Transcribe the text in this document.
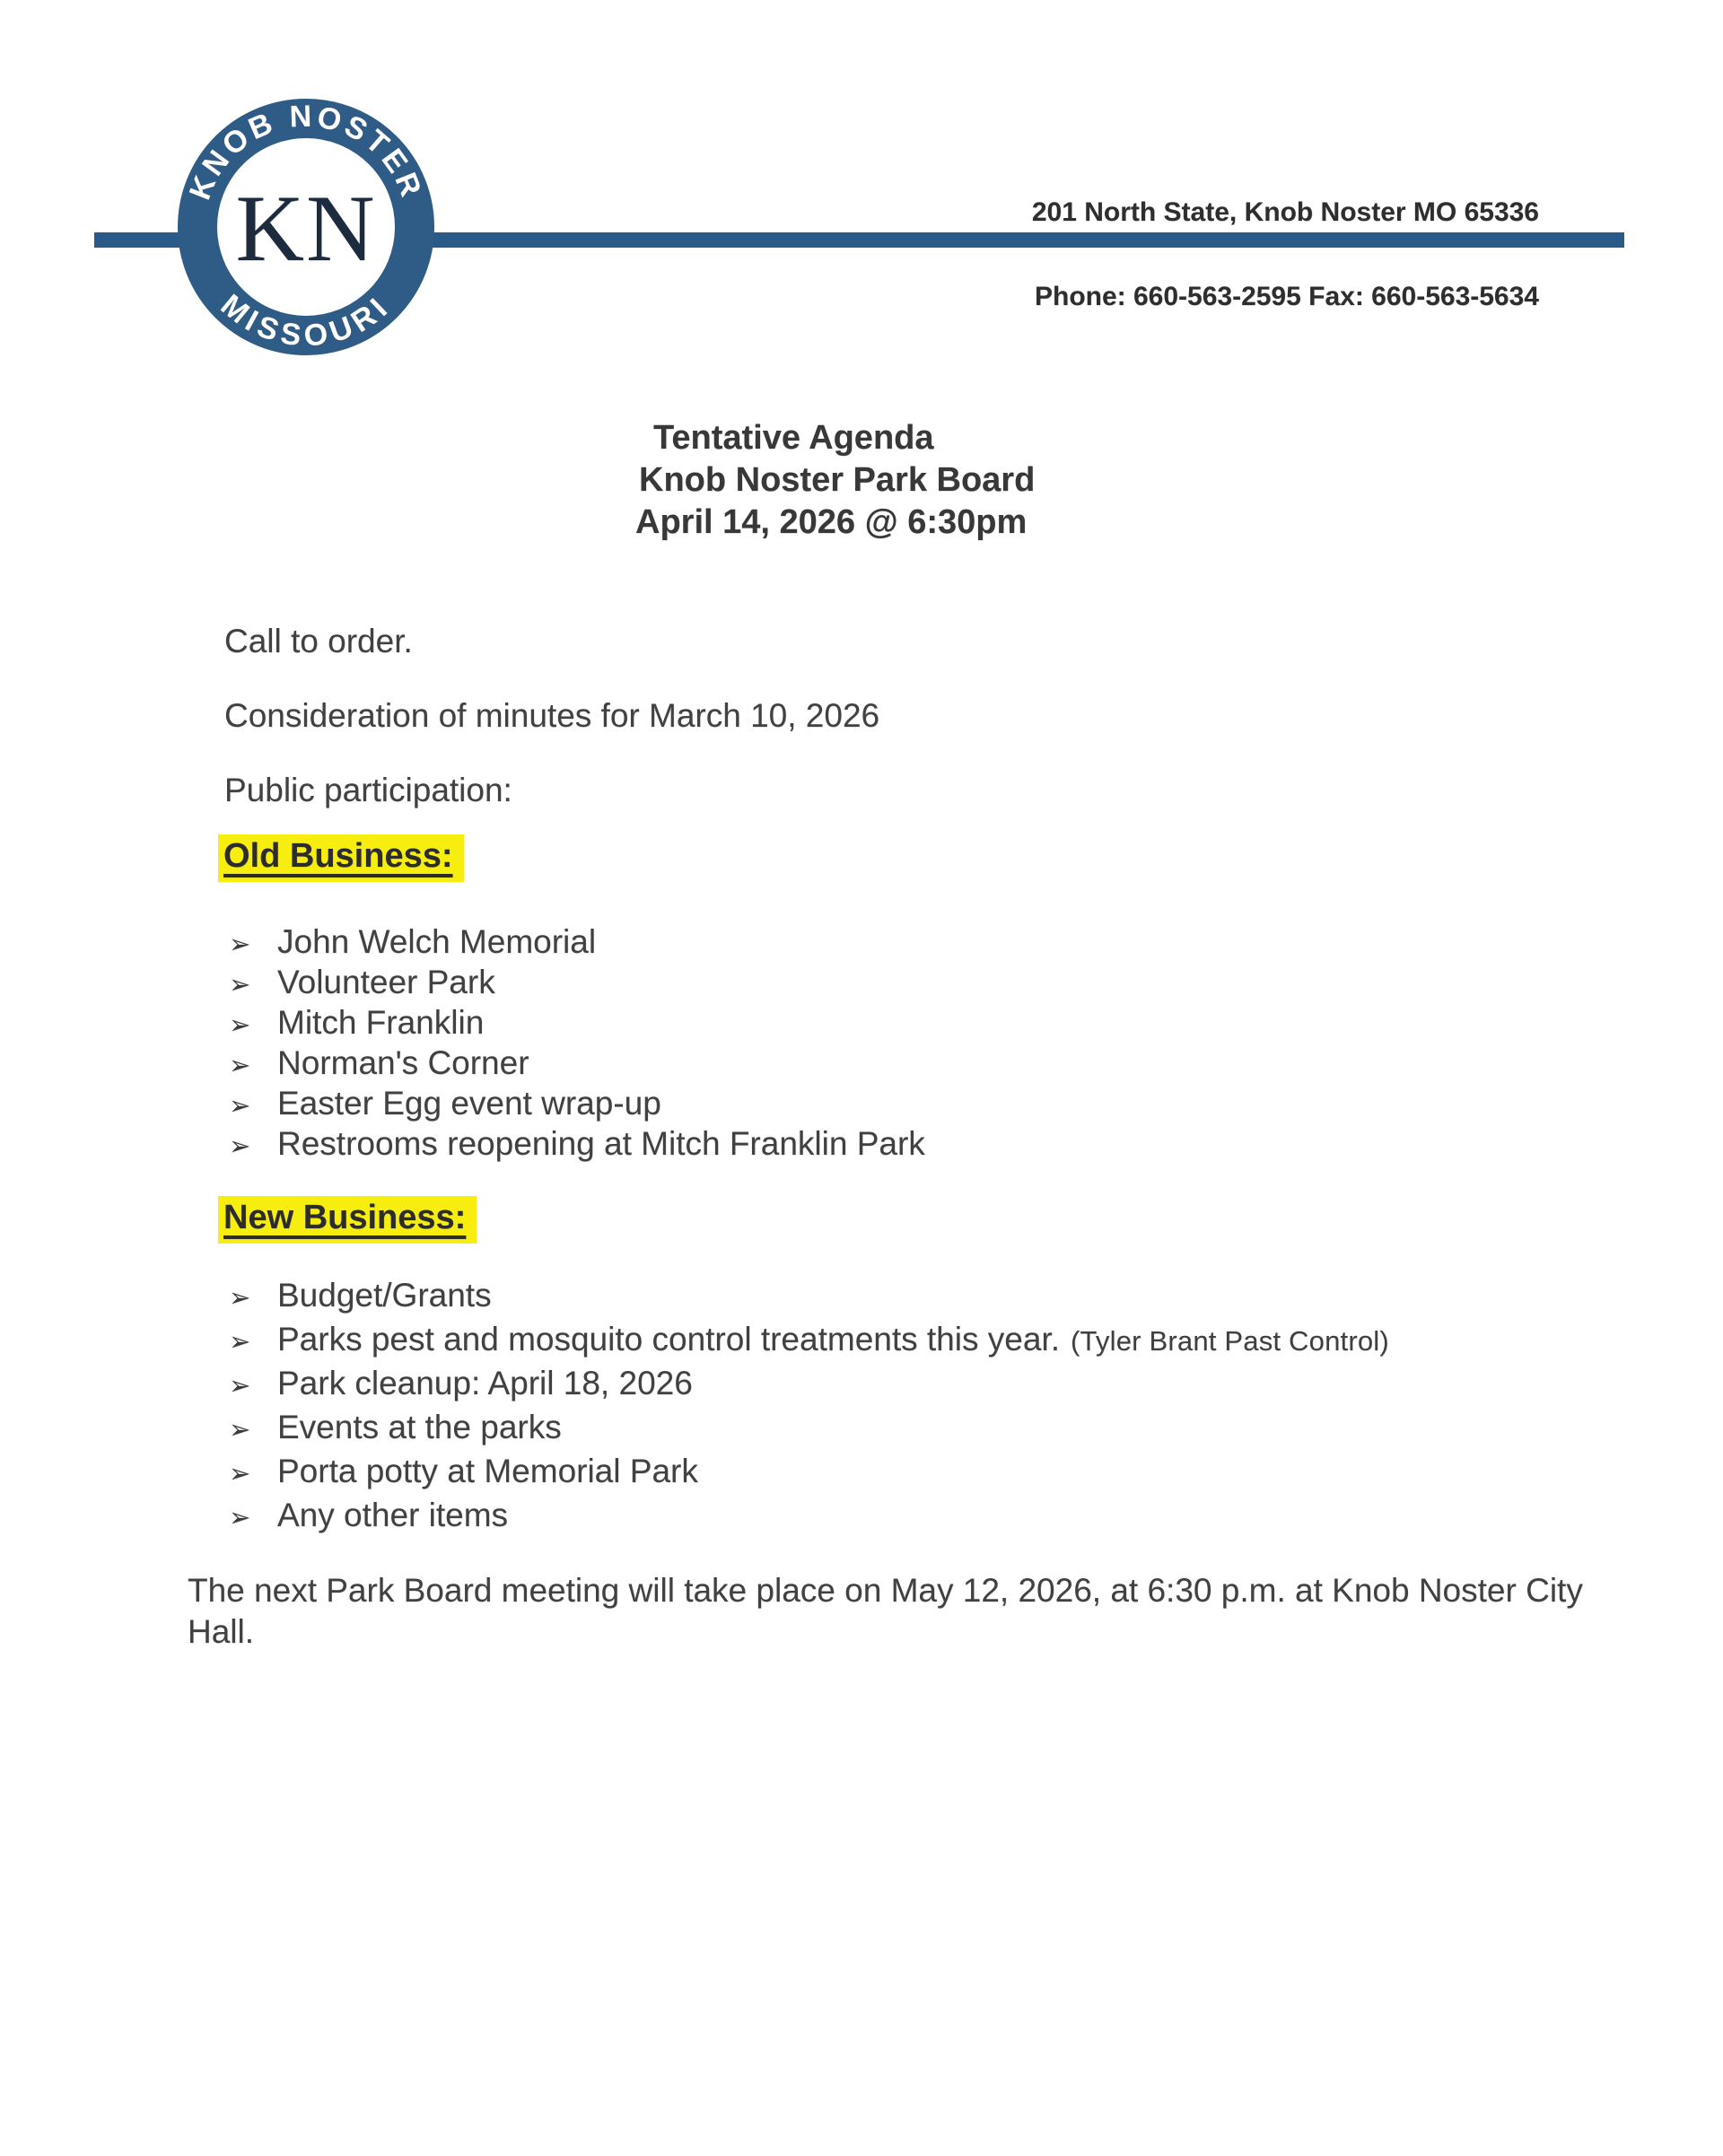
KNOB NOSTER
MISSOURI
KN	201 North State, Knob Noster MO 65336
Phone: 660-563-2595 Fax: 660-563-5634
Tentative Agenda
Knob Noster Park Board
April 14, 2026 @ 6:30pm
Call to order.
Consideration of minutes for March 10, 2026
Public participation:
Old Business:
➢ John Welch Memorial
➢ Volunteer Park
➢ Mitch Franklin
➢ Norman's Corner
➢ Easter Egg event wrap-up
➢ Restrooms reopening at Mitch Franklin Park
New Business:
➢ Budget/Grants
➢ Parks pest and mosquito control treatments this year. (Tyler Brant Past Control)
➢ Park cleanup: April 18, 2026
➢ Events at the parks
➢ Porta potty at Memorial Park
➢ Any other items
The next Park Board meeting will take place on May 12, 2026, at 6:30 p.m. at Knob Noster City
Hall.
